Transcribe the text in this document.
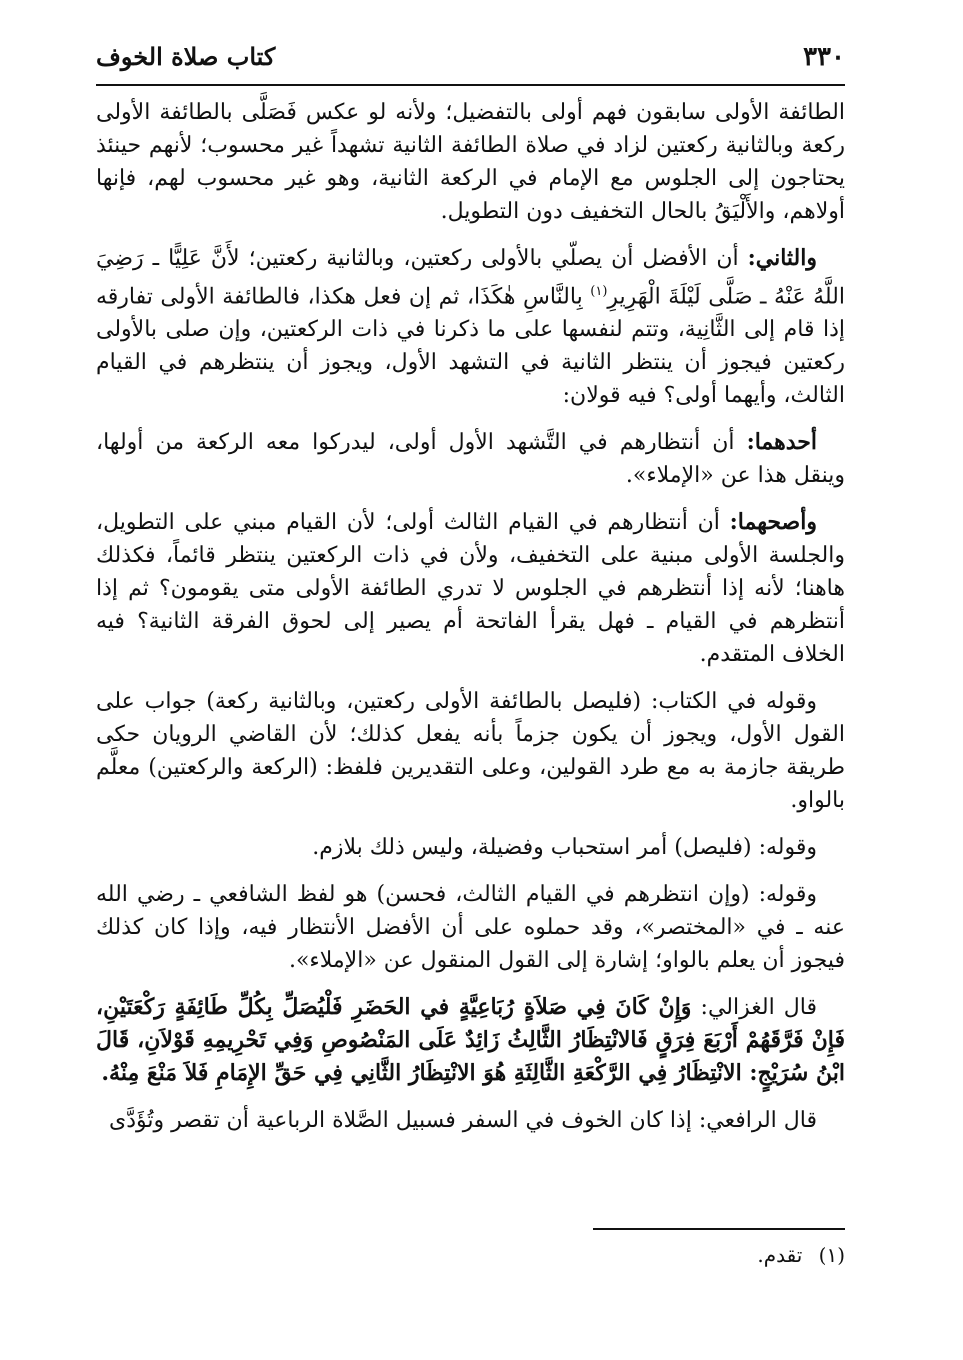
٣٣٠
كتاب صلاة الخوف

الطائفة الأولى سابقون فهم أولى بالتفضيل؛ ولأنه لو عكس فَصَلَّى بالطائفة الأولى ركعة وبالثانية ركعتين لزاد في صلاة الطائفة الثانية تشهداً غير محسوب؛ لأنهم حينئذ يحتاجون إلى الجلوس مع الإمام في الركعة الثانية، وهو غير محسوب لهم، فإنها أولاهم، والأَلْيَقُ بالحال التخفيف دون التطويل.

والثاني: أن الأفضل أن يصلّي بالأولى ركعتين، وبالثانية ركعتين؛ لأَنَّ عَلِيًّا ـ رَضِيَ اللَّهُ عَنْهُ ـ صَلَّى لَيْلَةَ الْهَرِيرِ$^{(١)}$ بِالنَّاسِ هٰكَذَا، ثم إن فعل هكذا، فالطائفة الأولى تفارقه إذا قام إلى الثَّانِية، وتتم لنفسها على ما ذكرنا في ذات الركعتين، وإن صلى بالأولى ركعتين فيجوز أن ينتظر الثانية في التشهد الأول، ويجوز أن ينتظرهم في القيام الثالث، وأيهما أولى؟ فيه قولان:

أحدهما: أن أنتظارهم في التَّشهد الأول أولى، ليدركوا معه الركعة من أولها، وينقل هذا عن «الإملاء».

وأصحهما: أن أنتظارهم في القيام الثالث أولى؛ لأن القيام مبني على التطويل، والجلسة الأولى مبنية على التخفيف، ولأن في ذات الركعتين ينتظر قائماً، فكذلك هاهنا؛ لأنه إذا أنتظرهم في الجلوس لا تدري الطائفة الأولى متى يقومون؟ ثم إذا أنتظرهم في القيام ـ فهل يقرأ الفاتحة أم يصير إلى لحوق الفرقة الثانية؟ فيه الخلاف المتقدم.

وقوله في الكتاب: (فليصل بالطائفة الأولى ركعتين، وبالثانية ركعة) جواب على القول الأول، ويجوز أن يكون جزماً بأنه يفعل كذلك؛ لأن القاضي الرويان حكى طريقة جازمة به مع طرد القولين، وعلى التقديرين فلفظ: (الركعة والركعتين) معلَّم بالواو.

وقوله: (فليصل) أمر استحباب وفضيلة، وليس ذلك بلازم.

وقوله: (وإن انتظرهم في القيام الثالث، فحسن) هو لفظ الشافعي ـ رضي الله عنه ـ في «المختصر»، وقد حملوه على أن الأفضل الأنتظار فيه، وإذا كان كذلك فيجوز أن يعلم بالواو؛ إشارة إلى القول المنقول عن «الإملاء».

قال الغزالي: وَإِنْ كَانَ فِي صَلاَةٍ رُبَاعِيَّةٍ في الحَضَرِ فَلْيُصَلِّ بِكُلِّ طَائِفَةٍ رَكْعَتَيْنِ، فَإِنْ فَرَّقَهُمْ أَرْبَعَ فِرَقٍ فَالانْتِظَارُ الثَّالِثُ زَائِدٌ عَلَى المَنْصُوصِ وَفِي تَحْرِيمِهِ قَوْلاَنِ، قَالَ ابْنُ سُرَيْجٍ: الانْتِظَارُ فِي الرَّكْعَةِ الثَّالِثَةِ هُوَ الانْتِظَارُ الثَّانِي فِي حَقِّ الإِمَامِ فَلاَ مَنْعَ مِنْهُ.

قال الرافعي: إذا كان الخوف في السفر فسبيل الصَّلاة الرباعية أن تقصر وتُؤَدَّى

(١) تقدم.
